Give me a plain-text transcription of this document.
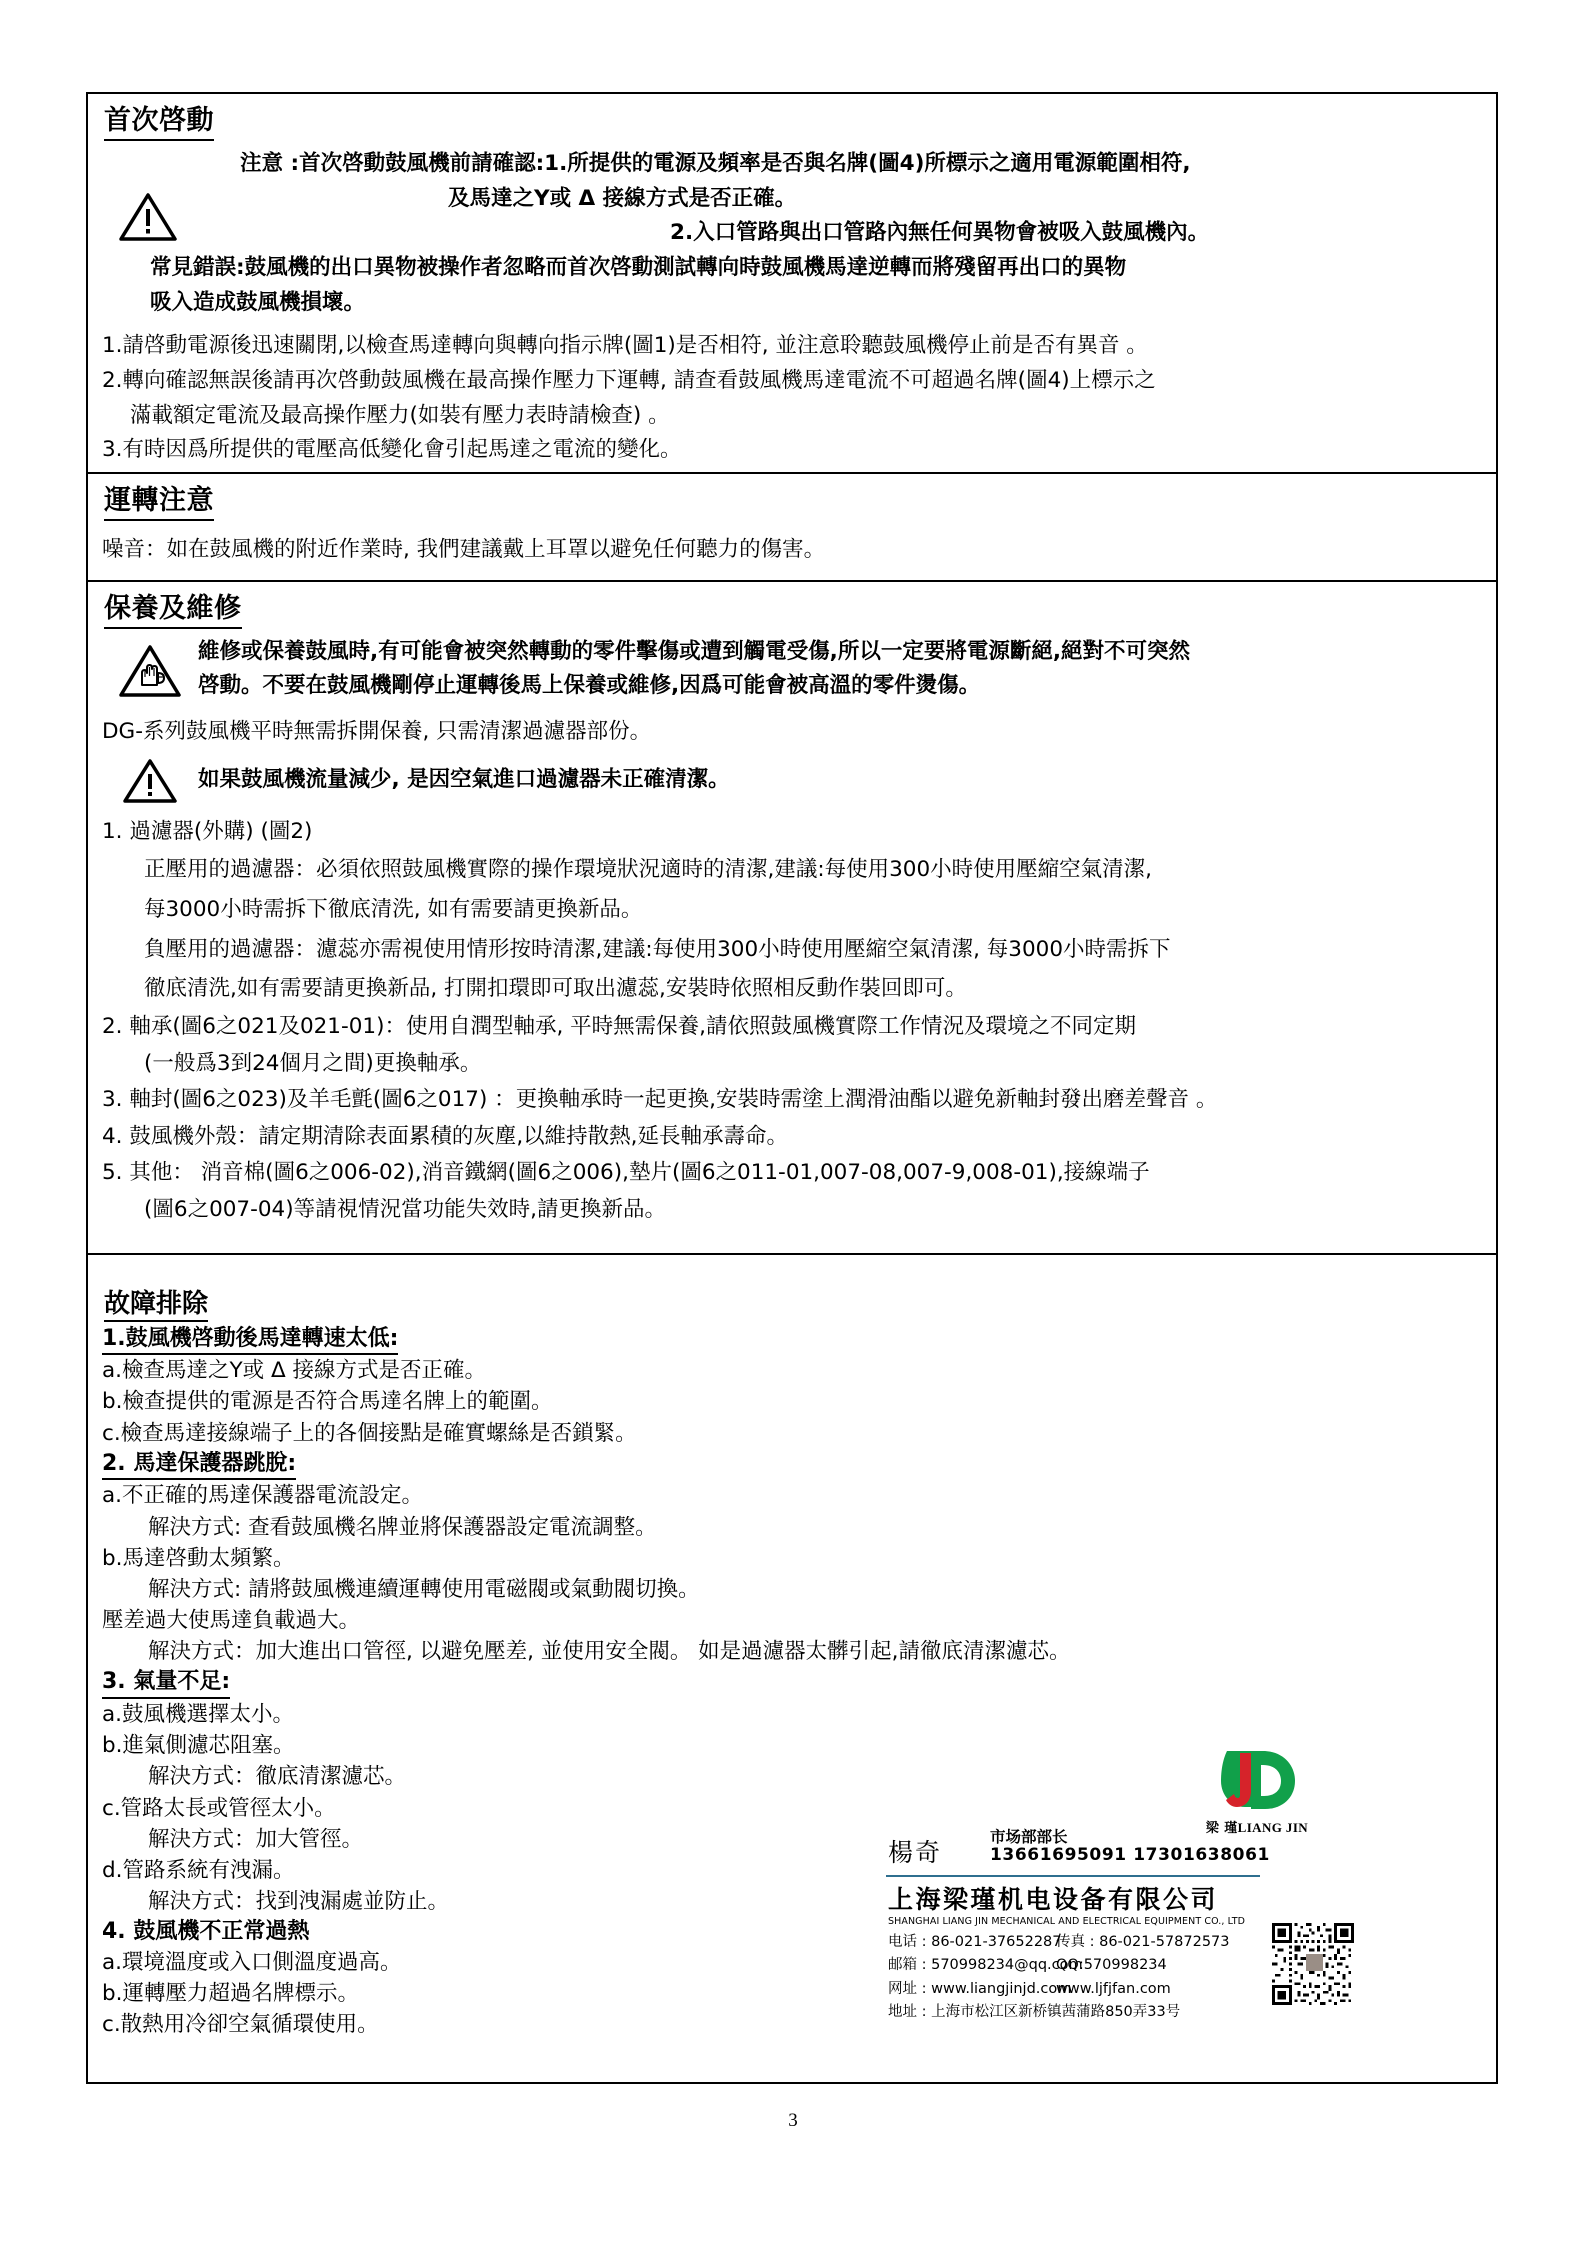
首次啓動
注意 :首次啓動鼓風機前請確認:1.所提供的電源及頻率是否與名牌(圖4)所標示之適用電源範圍相符,
及馬達之Y或 Δ 接線方式是否正確。
2.入口管路與出口管路內無任何異物會被吸入鼓風機內。
常見錯誤:鼓風機的出口異物被操作者忽略而首次啓動測試轉向時鼓風機馬達逆轉而將殘留再出口的異物
吸入造成鼓風機損壞。
1.請啓動電源後迅速關閉,以檢查馬達轉向與轉向指示牌(圖1)是否相符, 並注意聆聽鼓風機停止前是否有異音 。
2.轉向確認無誤後請再次啓動鼓風機在最高操作壓力下運轉, 請查看鼓風機馬達電流不可超過名牌(圖4)上標示之
滿載額定電流及最高操作壓力(如裝有壓力表時請檢查) 。
3.有時因爲所提供的電壓高低變化會引起馬達之電流的變化。
運轉注意
噪音：如在鼓風機的附近作業時, 我們建議戴上耳罩以避免任何聽力的傷害。
保養及維修
維修或保養鼓風時,有可能會被突然轉動的零件擊傷或遭到觸電受傷,所以一定要將電源斷絕,絕對不可突然
啓動。不要在鼓風機剛停止運轉後馬上保養或維修,因爲可能會被高溫的零件燙傷。
DG-系列鼓風機平時無需拆開保養, 只需清潔過濾器部份。
如果鼓風機流量減少, 是因空氣進口過濾器未正確清潔。
1. 過濾器(外購) (圖2)
正壓用的過濾器：必須依照鼓風機實際的操作環境狀況適時的清潔,建議:每使用300小時使用壓縮空氣清潔,
每3000小時需拆下徹底清洗, 如有需要請更換新品。
負壓用的過濾器：濾蕊亦需視使用情形按時清潔,建議:每使用300小時使用壓縮空氣清潔, 每3000小時需拆下
徹底清洗,如有需要請更換新品, 打開扣環即可取出濾蕊,安裝時依照相反動作裝回即可。
2. 軸承(圖6之021及021-01)：使用自潤型軸承, 平時無需保養,請依照鼓風機實際工作情況及環境之不同定期
(一般爲3到24個月之間)更換軸承。
3. 軸封(圖6之023)及羊毛氈(圖6之017) ：更換軸承時一起更換,安裝時需塗上潤滑油酯以避免新軸封發出磨差聲音 。
4. 鼓風機外殼：請定期清除表面累積的灰塵,以維持散熱,延長軸承壽命。
5. 其他： 消音棉(圖6之006-02),消音鐵網(圖6之006),墊片(圖6之011-01,007-08,007-9,008-01),接線端子
(圖6之007-04)等請視情況當功能失效時,請更換新品。
故障排除
1.鼓風機啓動後馬達轉速太低:
a.檢查馬達之Y或 Δ 接線方式是否正確。
b.檢查提供的電源是否符合馬達名牌上的範圍。
c.檢查馬達接線端子上的各個接點是確實螺絲是否鎖緊。
2. 馬達保護器跳脫:
a.不正確的馬達保護器電流設定。
解決方式: 查看鼓風機名牌並將保護器設定電流調整。
b.馬達啓動太頻繁。
解決方式: 請將鼓風機連續運轉使用電磁閥或氣動閥切換。
壓差過大使馬達負載過大。
解決方式：加大進出口管徑, 以避免壓差, 並使用安全閥。 如是過濾器太髒引起,請徹底清潔濾芯。
3. 氣量不足:
a.鼓風機選擇太小。
b.進氣側濾芯阻塞。
解決方式：徹底清潔濾芯。
c.管路太長或管徑太小。
解決方式：加大管徑。
d.管路系統有洩漏。
解決方式：找到洩漏處並防止。
4. 鼓風機不正常過熱
a.環境溫度或入口側溫度過高。
b.運轉壓力超過名牌標示。
c.散熱用冷卻空氣循環使用。
梁 瑾LIANG JIN
楊奇
市场部部长
13661695091 17301638061
上海梁瑾机电设备有限公司
SHANGHAI LIANG JIN MECHANICAL AND ELECTRICAL EQUIPMENT CO., LTD
电话 : 86-021-37652287传真 : 86-021-57872573
邮箱 : 570998234@qq.comQQ:570998234
网址 : www.liangjinjd.comwww.ljfjfan.com
地址 : 上海市松江区新桥镇茜蒲路850弄33号
3
